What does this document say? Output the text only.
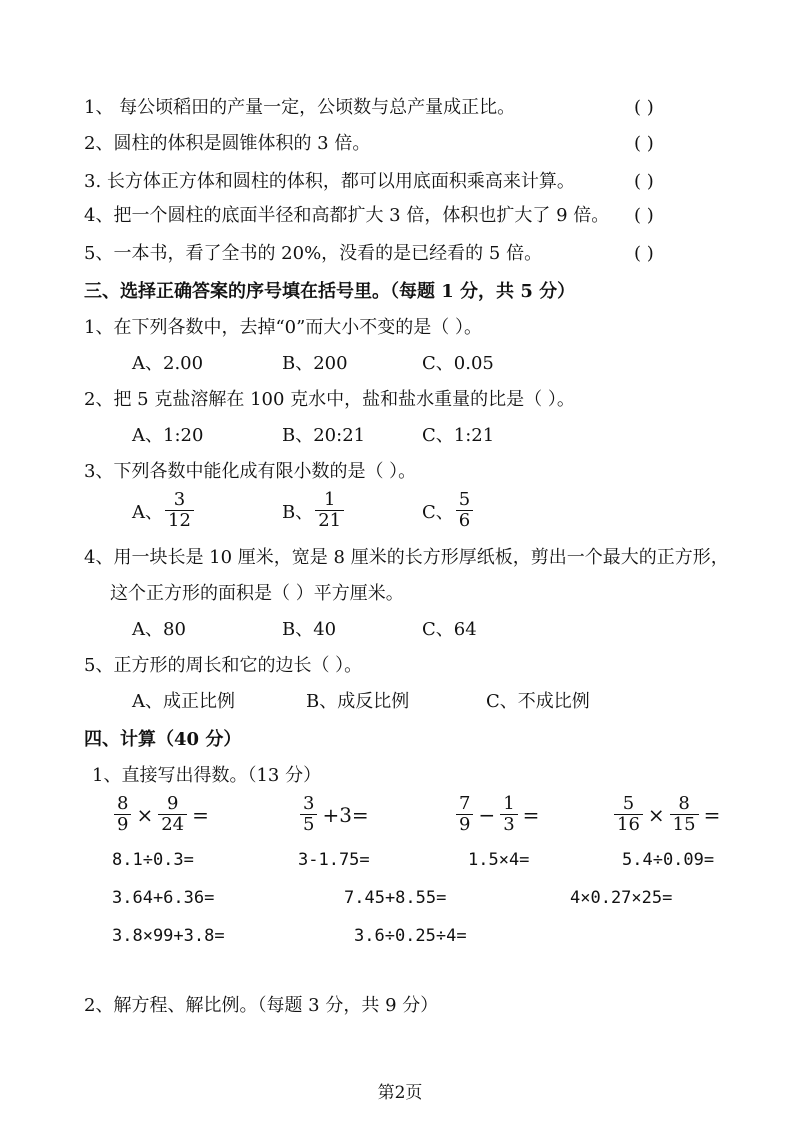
1、 每公顷稻田的产量一定，公顷数与总产量成正比。	( )
2、圆柱的体积是圆锥体积的 3 倍。	( )
3. 长方体正方体和圆柱的体积，都可以用底面积乘高来计算。	( )
4、把一个圆柱的底面半径和高都扩大 3 倍，体积也扩大了 9 倍。 ( )
5、一本书，看了全书的 20%，没看的是已经看的 5 倍。	( )
三、选择正确答案的序号填在括号里。（每题 1 分，共 5 分）
1、在下列各数中，去掉“0”而大小不变的是（ ）。
A、2.00	B、200	C、0.05
2、把 5 克盐溶解在 100 克水中，盐和盐水重量的比是（ ）。
A、1:20	B、20:21	C、1:21
3、下列各数中能化成有限小数的是（ ）。
A、 $\frac{3}{12}$	B、 $\frac{1}{21}$	C、 $\frac{5}{6}$
4、用一块长是 10 厘米，宽是 8 厘米的长方形厚纸板，剪出一个最大的正方形，
这个正方形的面积是（ ）平方厘米。
A、80	B、40	C、64
5、正方形的周长和它的边长（ ）。
A、成正比例	B、成反比例	C、不成比例
四、计算（40 分）
1、直接写出得数。（13 分）
$\frac{8}{9} \times \frac{9}{24}$ =	$\frac{3}{5} +3=$	$\frac{7}{9} - \frac{1}{3}$ =	$\frac{5}{16} \times \frac{8}{15}$ =
8.1÷0.3=	3-1.75=	1.5×4=	5.4÷0.09=
3.64+6.36=	7.45+8.55=	4×0.27×25=
3.8×99+3.8=	3.6÷0.25÷4=
2、解方程、解比例。（每题 3 分，共 9 分）
第2页
